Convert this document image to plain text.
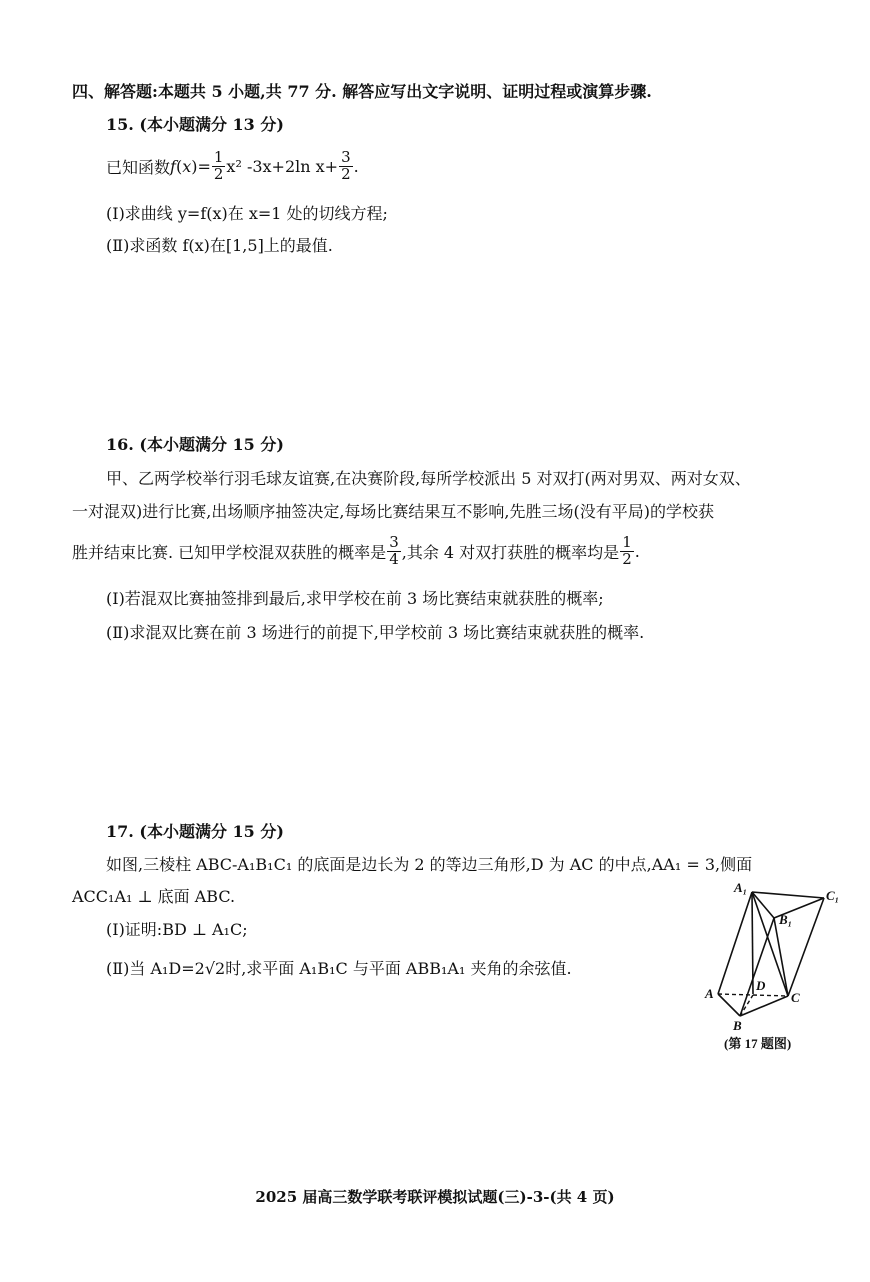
四、解答题:本题共 5 小题,共 77 分. 解答应写出文字说明、证明过程或演算步骤.
15. (本小题满分 13 分)
已知函数 $f(x)= \frac{1}{2} x^2$ -3x+2ln $x+ \frac{3}{2}$ .
(Ⅰ)求曲线 y=f(x)在 x=1 处的切线方程;
(Ⅱ)求函数 f(x)在[1,5]上的最值.
16. (本小题满分 15 分)
甲、乙两学校举行羽毛球友谊赛,在决赛阶段,每所学校派出 5 对双打(两对男双、两对女双、
一对混双)进行比赛,出场顺序抽签决定,每场比赛结果互不影响,先胜三场(没有平局)的学校获
胜并结束比赛. 已知甲学校混双获胜的概率是 $\frac{3}{4}$ ,其余 4 对双打获胜的概率均是 $\frac{1}{2}$ .
(Ⅰ)若混双比赛抽签排到最后,求甲学校在前 3 场比赛结束就获胜的概率;
(Ⅱ)求混双比赛在前 3 场进行的前提下,甲学校前 3 场比赛结束就获胜的概率.
17. (本小题满分 15 分)
如图,三棱柱 ABC-A₁B₁C₁ 的底面是边长为 2 的等边三角形,D 为 AC 的中点,AA₁ = 3,侧面
ACC₁A₁ ⊥ 底面 ABC.
(Ⅰ)证明:BD ⊥ A₁C;
(Ⅱ)当 A₁D=2√2时,求平面 A₁B₁C 与平面 ABB₁A₁ 夹角的余弦值.
A₁
C₁
B₁
A
D
C
B
(第 17 题图)
2025 届高三数学联考联评模拟试题(三)-3-(共 4 页)
